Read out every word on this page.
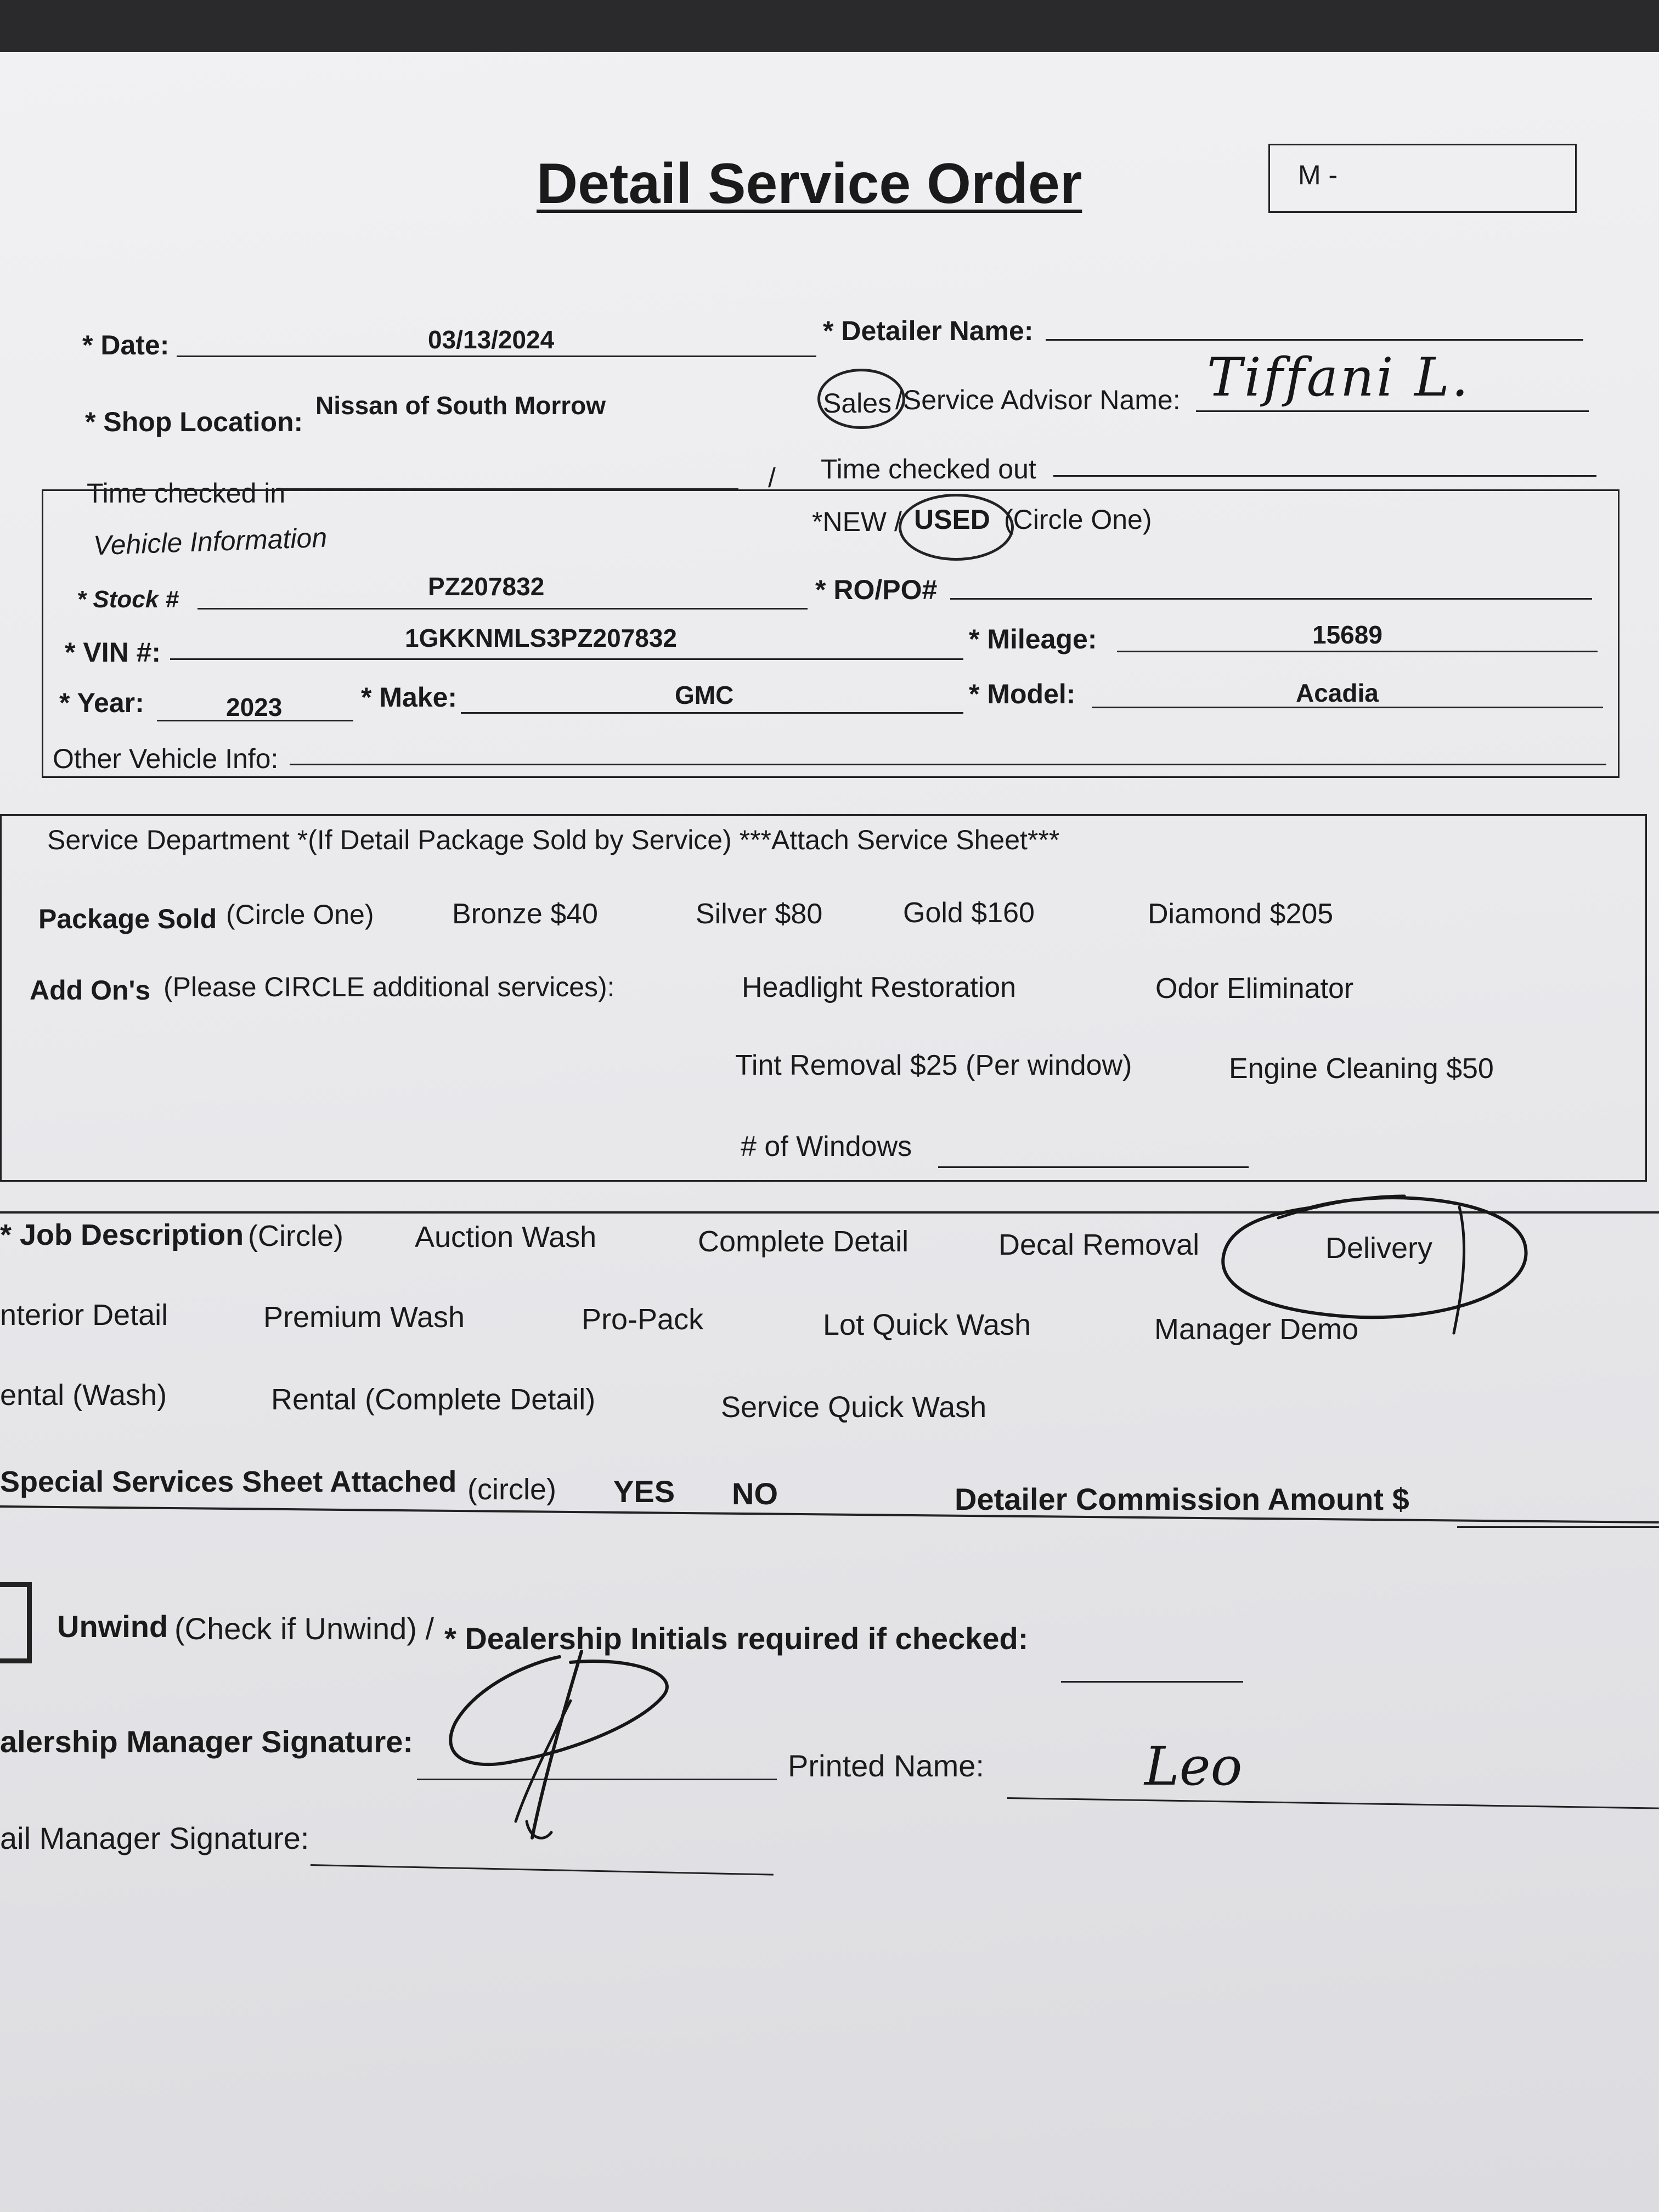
Detail Service Order	M -
* Date:	03/13/2024	* Detailer Name:
* Shop Location:
Nissan of South Morrow	Sales /Service Advisor Name: Tiffani L.
Time checked in	/ Time checked out
Vehicle Information
*NEW / USED (Circle One)
* Stock #	PZ207832	* RO/PO#
* VIN #:	1GKKNMLS3PZ207832	* Mileage:	15689
* Year:	2023	* Make:	GMC	* Model:	Acadia
Other Vehicle Info:
Service Department *(If Detail Package Sold by Service) ***Attach Service Sheet***
Package Sold (Circle One)	Bronze $40	Silver $80	Gold $160	Diamond $205
Add On's (Please CIRCLE additional services):	Headlight Restoration	Odor Eliminator
Tint Removal $25 (Per window)	Engine Cleaning $50
# of Windows
* Job Description (Circle) Auction Wash	Complete Detail	Decal Removal	Delivery
nterior Detail	Premium Wash	Pro-Pack	Lot Quick Wash	Manager Demo
ental (Wash)	Rental (Complete Detail)	Service Quick Wash
Special Services Sheet Attached (circle) YES NO	Detailer Commission Amount $
Unwind (Check if Unwind) / * Dealership Initials required if checked:
alership Manager Signature:
Printed Name:	Leo
ail Manager Signature:
